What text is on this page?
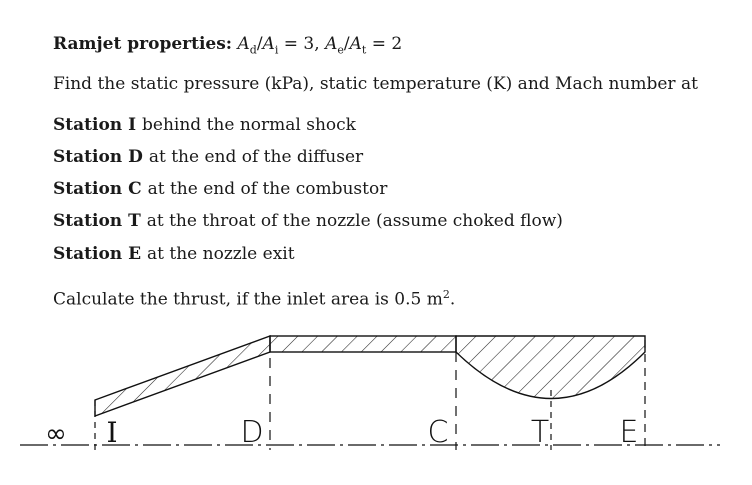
Ramjet properties: $A_d/A_i = 3$, $A_e/A_t = 2$
Find the static pressure (kPa), static temperature (K) and Mach number at
Station I behind the normal shock
Station D at the end of the diffuser
Station C at the end of the combustor
Station T at the throat of the nozzle (assume choked flow)
Station E at the nozzle exit
Calculate the thrust, if the inlet area is 0.5 $m^2$.
∞ I	D	C	T E
